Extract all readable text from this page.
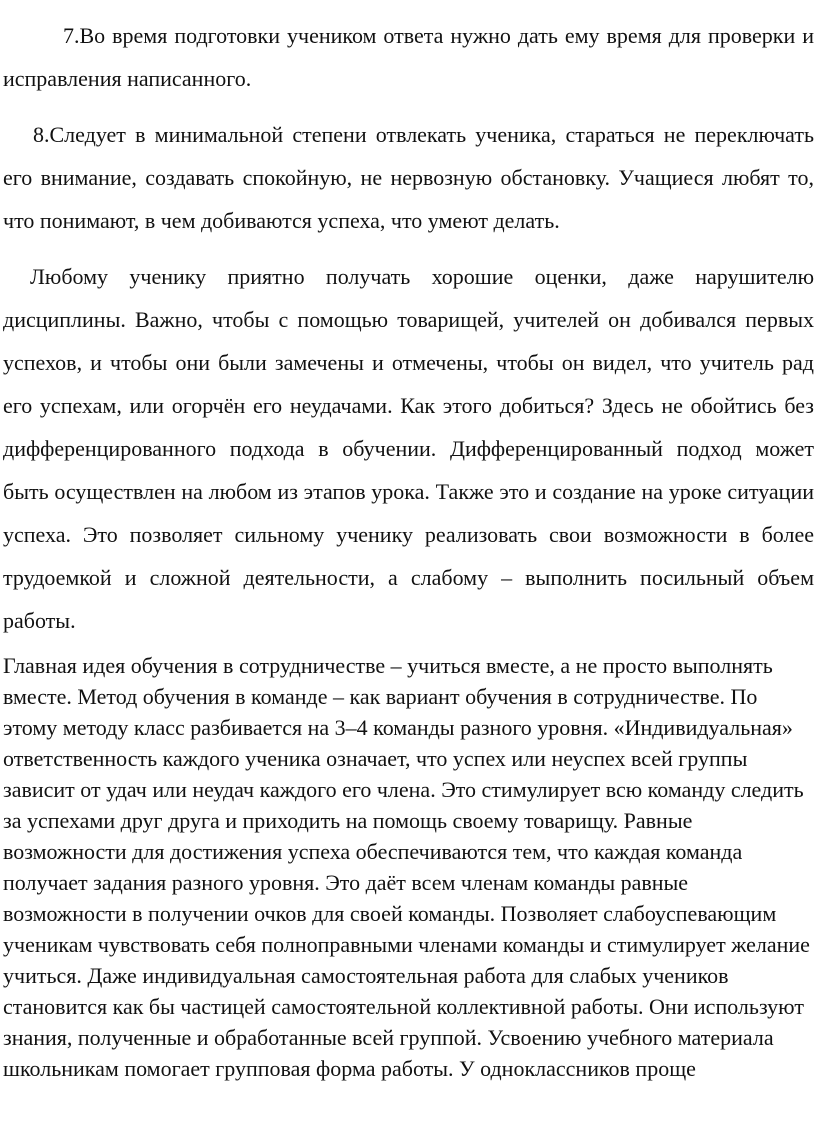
7.Во время подготовки учеником ответа нужно дать ему время для проверки и исправления написанного.

8.Следует в минимальной степени отвлекать ученика, стараться не переключать его внимание, создавать спокойную, не нервозную обстановку. Учащиеся любят то, что понимают, в чем добиваются успеха, что умеют делать.

Любому ученику приятно получать хорошие оценки, даже нарушителю дисциплины. Важно, чтобы с помощью товарищей, учителей он добивался первых успехов, и чтобы они были замечены и отмечены, чтобы он видел, что учитель рад его успехам, или огорчён его неудачами. Как этого добиться? Здесь не обойтись без дифференцированного подхода в обучении. Дифференцированный подход может быть осуществлен на любом из этапов урока. Также это и создание на уроке ситуации успеха. Это позволяет сильному ученику реализовать свои возможности в более трудоемкой и сложной деятельности, а слабому – выполнить посильный объем работы.

Главная идея обучения в сотрудничестве – учиться вместе, а не просто выполнять вместе. Метод обучения в команде – как вариант обучения в сотрудничестве. По этому методу класс разбивается на 3–4 команды разного уровня. «Индивидуальная» ответственность каждого ученика означает, что успех или неуспех всей группы зависит от удач или неудач каждого его члена. Это стимулирует всю команду следить за успехами друг друга и приходить на помощь своему товарищу. Равные возможности для достижения успеха обеспечиваются тем, что каждая команда получает задания разного уровня. Это даёт всем членам команды равные возможности в получении очков для своей команды. Позволяет слабоуспевающим ученикам чувствовать себя полноправными членами команды и стимулирует желание учиться. Даже индивидуальная самостоятельная работа для слабых учеников становится как бы частицей самостоятельной коллективной работы. Они используют знания, полученные и обработанные всей группой. Усвоению учебного материала школьникам помогает групповая форма работы. У одноклассников проще
